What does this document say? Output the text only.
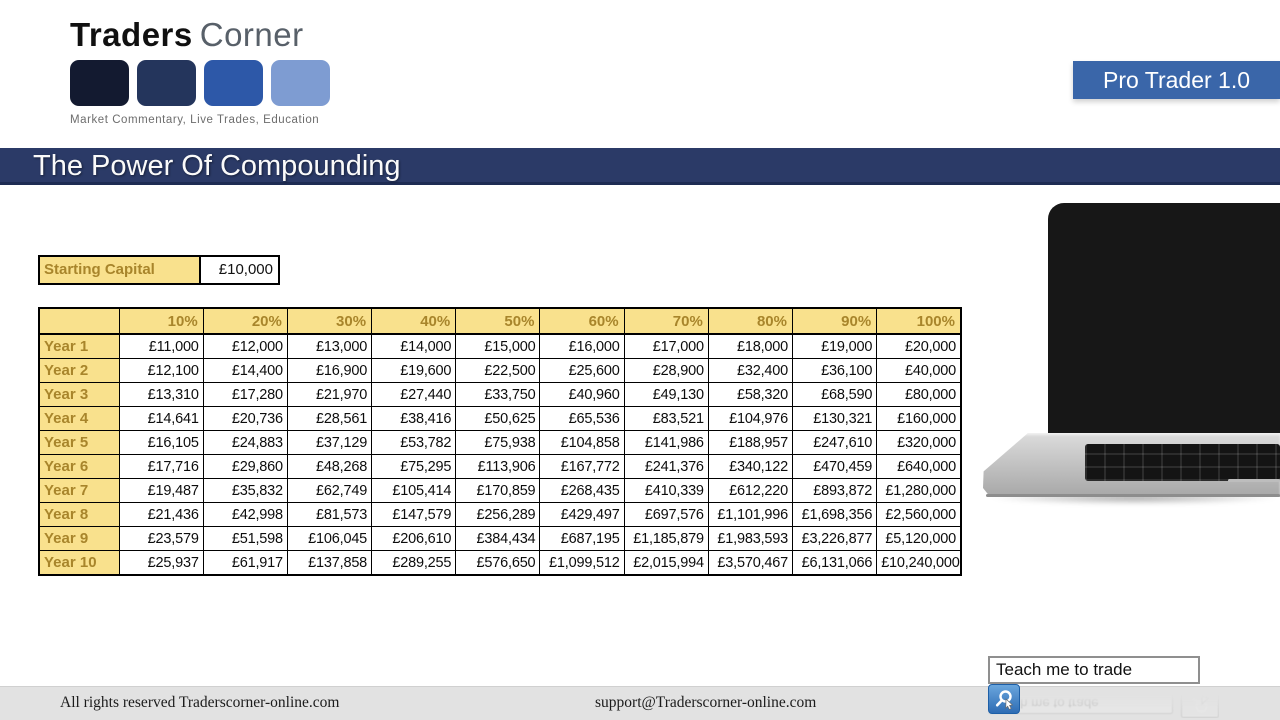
Traders Corner
Market Commentary, Live Trades, Education
Pro Trader 1.0
The Power Of Compounding
Starting Capital	£10,000
	10%	20%	30%	40%	50%	60%	70%	80%	90%	100%
Year 1	£11,000	£12,000	£13,000	£14,000	£15,000	£16,000	£17,000	£18,000	£19,000	£20,000
Year 2	£12,100	£14,400	£16,900	£19,600	£22,500	£25,600	£28,900	£32,400	£36,100	£40,000
Year 3	£13,310	£17,280	£21,970	£27,440	£33,750	£40,960	£49,130	£58,320	£68,590	£80,000
Year 4	£14,641	£20,736	£28,561	£38,416	£50,625	£65,536	£83,521	£104,976	£130,321	£160,000
Year 5	£16,105	£24,883	£37,129	£53,782	£75,938	£104,858	£141,986	£188,957	£247,610	£320,000
Year 6	£17,716	£29,860	£48,268	£75,295	£113,906	£167,772	£241,376	£340,122	£470,459	£640,000
Year 7	£19,487	£35,832	£62,749	£105,414	£170,859	£268,435	£410,339	£612,220	£893,872	£1,280,000
Year 8	£21,436	£42,998	£81,573	£147,579	£256,289	£429,497	£697,576	£1,101,996	£1,698,356	£2,560,000
Year 9	£23,579	£51,598	£106,045	£206,610	£384,434	£687,195	£1,185,879	£1,983,593	£3,226,877	£5,120,000
Year 10	£25,937	£61,917	£137,858	£289,255	£576,650	£1,099,512	£2,015,994	£3,570,467	£6,131,066	£10,240,000
Teach me to trade
Teach me to trade
All rights reserved Traderscorner-online.com	support@Traderscorner-online.com
